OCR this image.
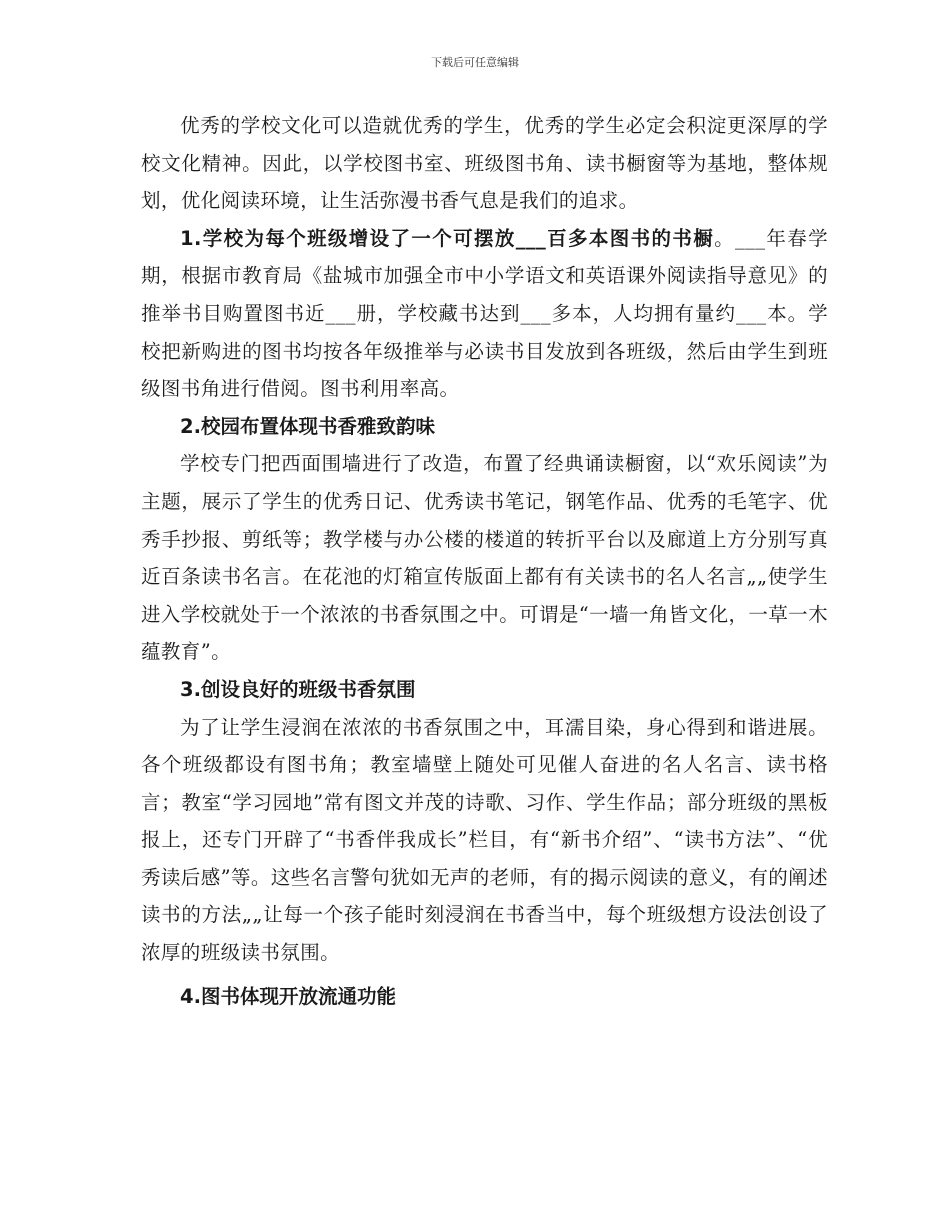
下载后可任意编辑

优秀的学校文化可以造就优秀的学生，优秀的学生必定会积淀更深厚的学校文化精神。因此，以学校图书室、班级图书角、读书橱窗等为基地，整体规划，优化阅读环境，让生活弥漫书香气息是我们的追求。

1.学校为每个班级增设了一个可摆放___百多本图书的书橱。___年春学期，根据市教育局《盐城市加强全市中小学语文和英语课外阅读指导意见》的推举书目购置图书近___册，学校藏书达到___多本，人均拥有量约___本。学校把新购进的图书均按各年级推举与必读书目发放到各班级，然后由学生到班级图书角进行借阅。图书利用率高。

2.校园布置体现书香雅致韵味

学校专门把西面围墙进行了改造，布置了经典诵读橱窗，以“欢乐阅读”为主题，展示了学生的优秀日记、优秀读书笔记，钢笔作品、优秀的毛笔字、优秀手抄报、剪纸等；教学楼与办公楼的楼道的转折平台以及廊道上方分别写真近百条读书名言。在花池的灯箱宣传版面上都有有关读书的名人名言„„使学生进入学校就处于一个浓浓的书香氛围之中。可谓是“一墙一角皆文化，一草一木蕴教育”。

3.创设良好的班级书香氛围

为了让学生浸润在浓浓的书香氛围之中，耳濡目染，身心得到和谐进展。各个班级都设有图书角；教室墙壁上随处可见催人奋进的名人名言、读书格言；教室“学习园地”常有图文并茂的诗歌、习作、学生作品；部分班级的黑板报上，还专门开辟了“书香伴我成长”栏目，有“新书介绍”、“读书方法”、“优秀读后感”等。这些名言警句犹如无声的老师，有的揭示阅读的意义，有的阐述读书的方法„„让每一个孩子能时刻浸润在书香当中，每个班级想方设法创设了浓厚的班级读书氛围。

4.图书体现开放流通功能
